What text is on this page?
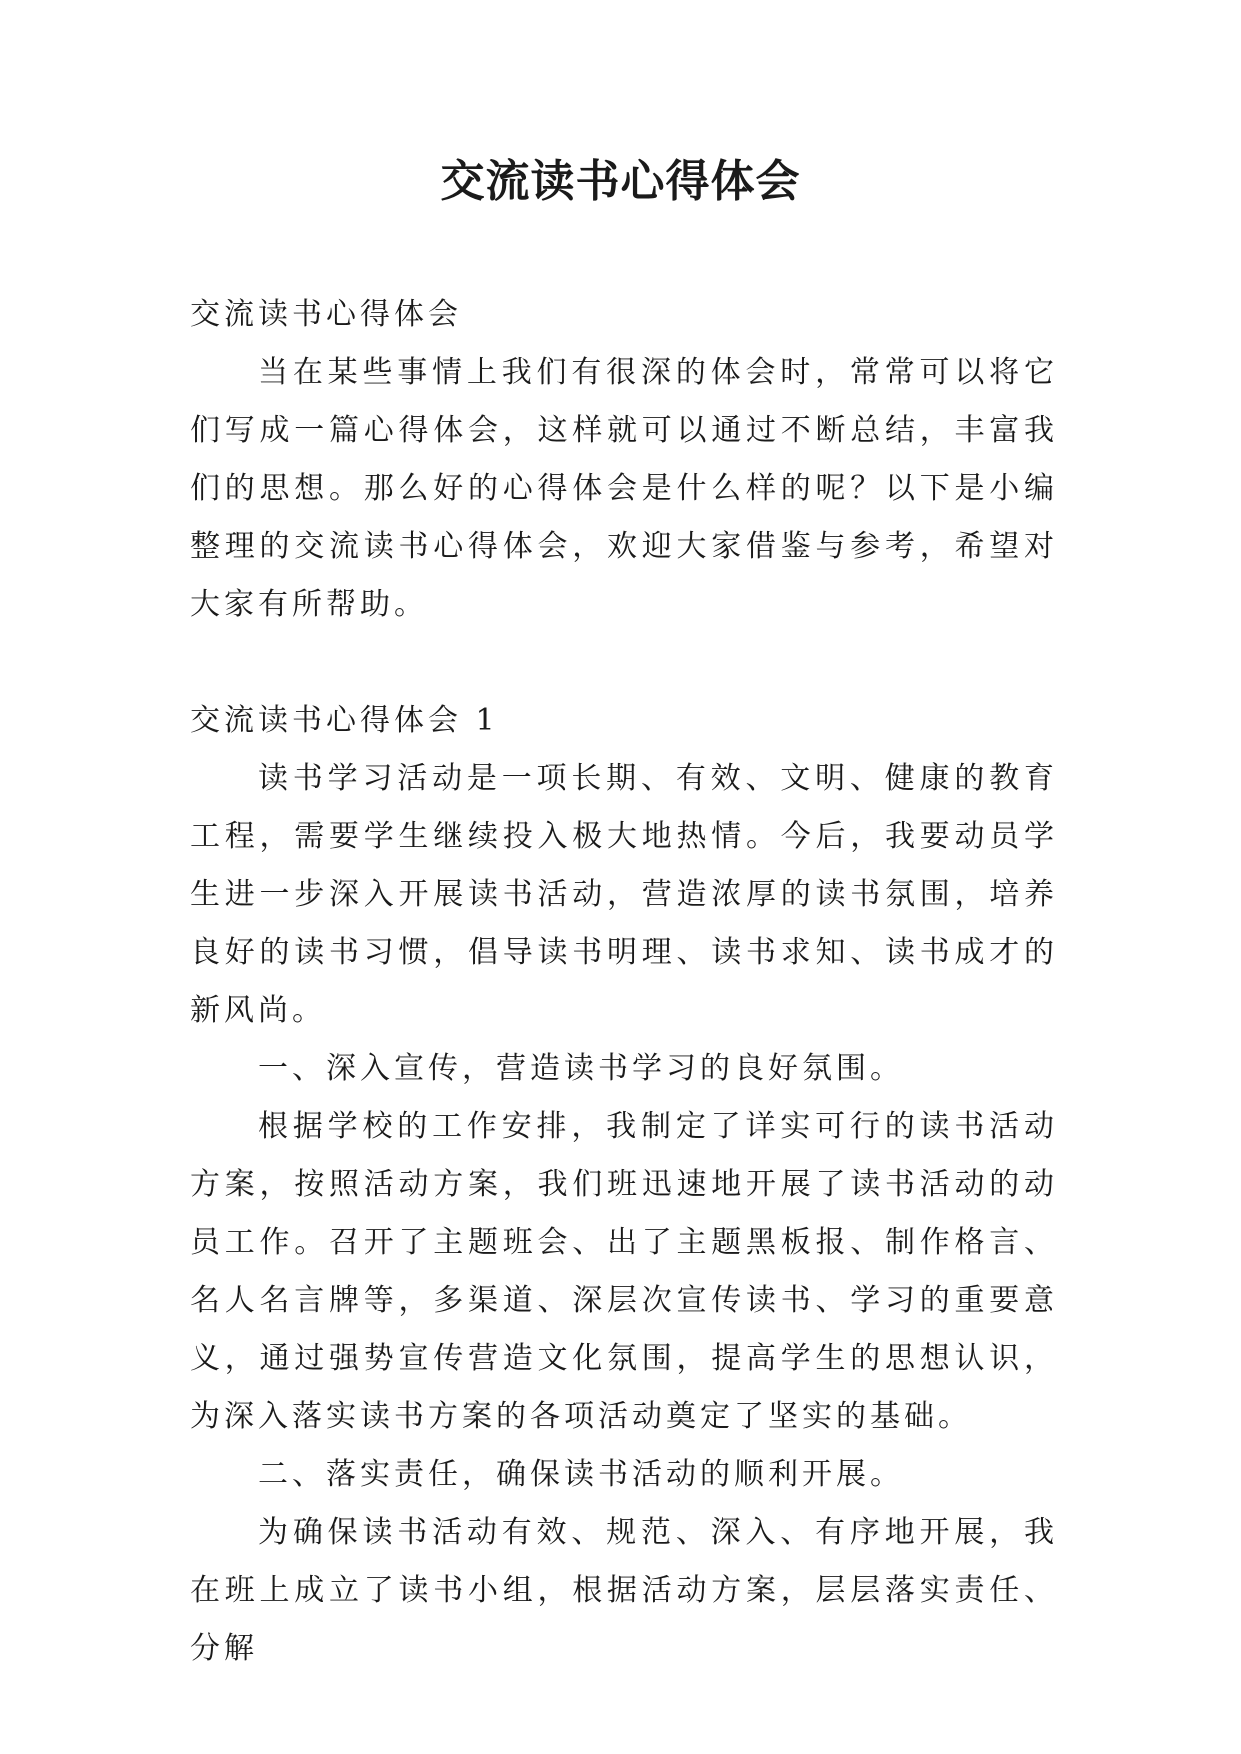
交流读书心得体会

交流读书心得体会

当在某些事情上我们有很深的体会时，常常可以将它们写成一篇心得体会，这样就可以通过不断总结，丰富我们的思想。那么好的心得体会是什么样的呢？以下是小编整理的交流读书心得体会，欢迎大家借鉴与参考，希望对大家有所帮助。

交流读书心得体会 1

读书学习活动是一项长期、有效、文明、健康的教育工程，需要学生继续投入极大地热情。今后，我要动员学生进一步深入开展读书活动，营造浓厚的读书氛围，培养良好的读书习惯，倡导读书明理、读书求知、读书成才的新风尚。

一、深入宣传，营造读书学习的良好氛围。

根据学校的工作安排，我制定了详实可行的读书活动方案，按照活动方案，我们班迅速地开展了读书活动的动员工作。召开了主题班会、出了主题黑板报、制作格言、名人名言牌等，多渠道、深层次宣传读书、学习的重要意义，通过强势宣传营造文化氛围，提高学生的思想认识，为深入落实读书方案的各项活动奠定了坚实的基础。

二、落实责任，确保读书活动的顺利开展。

为确保读书活动有效、规范、深入、有序地开展，我在班上成立了读书小组，根据活动方案，层层落实责任、分解
